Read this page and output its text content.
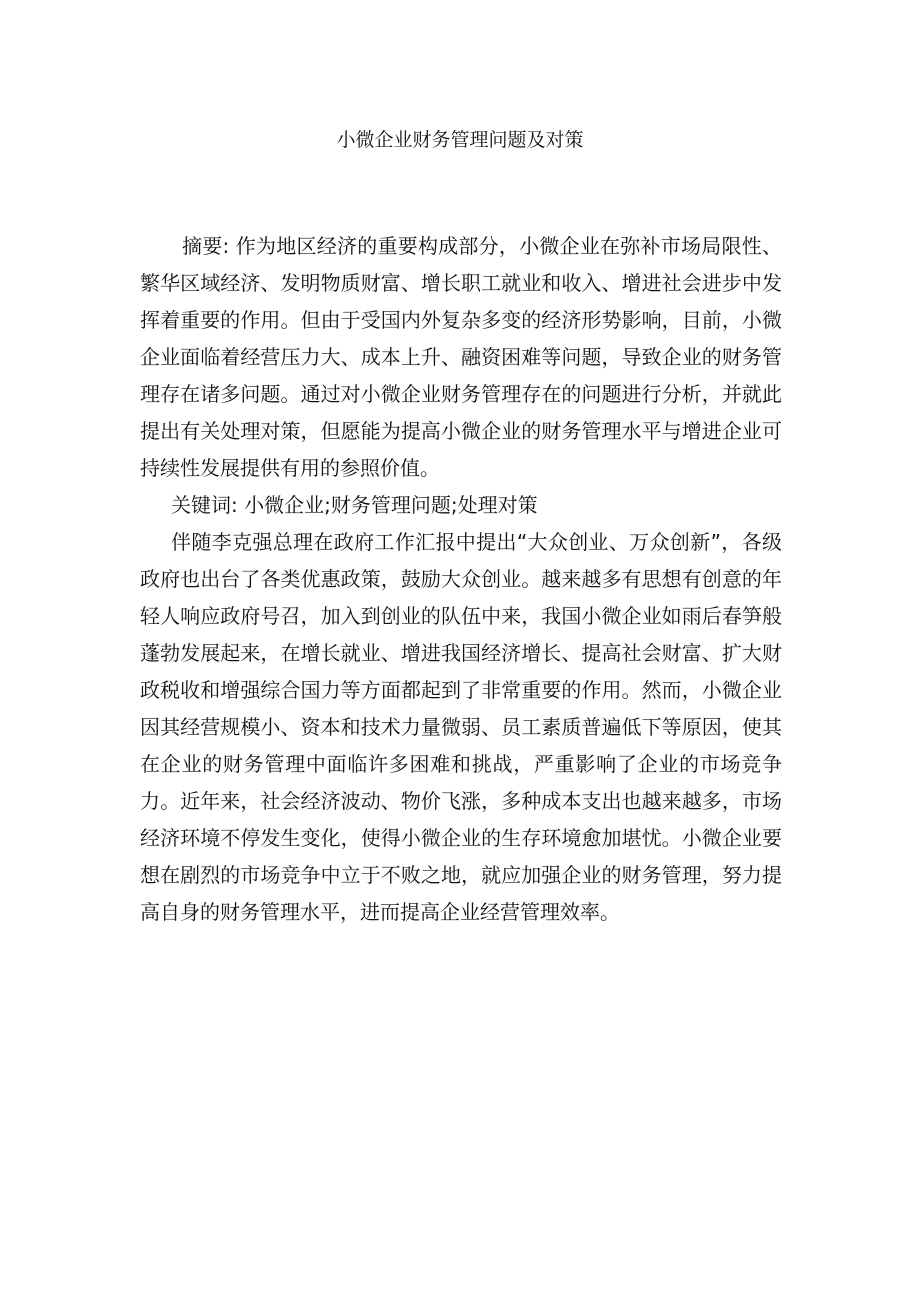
小微企业财务管理问题及对策

摘要: 作为地区经济的重要构成部分，小微企业在弥补市场局限性、繁华区域经济、发明物质财富、增长职工就业和收入、增进社会进步中发挥着重要的作用。但由于受国内外复杂多变的经济形势影响，目前，小微企业面临着经营压力大、成本上升、融资困难等问题，导致企业的财务管理存在诸多问题。通过对小微企业财务管理存在的问题进行分析，并就此提出有关处理对策，但愿能为提高小微企业的财务管理水平与增进企业可持续性发展提供有用的参照价值。

关键词: 小微企业;财务管理问题;处理对策

伴随李克强总理在政府工作汇报中提出“大众创业、万众创新”，各级政府也出台了各类优惠政策，鼓励大众创业。越来越多有思想有创意的年轻人响应政府号召，加入到创业的队伍中来，我国小微企业如雨后春笋般蓬勃发展起来，在增长就业、增进我国经济增长、提高社会财富、扩大财政税收和增强综合国力等方面都起到了非常重要的作用。然而，小微企业因其经营规模小、资本和技术力量微弱、员工素质普遍低下等原因，使其在企业的财务管理中面临许多困难和挑战，严重影响了企业的市场竞争力。近年来，社会经济波动、物价飞涨，多种成本支出也越来越多，市场经济环境不停发生变化，使得小微企业的生存环境愈加堪忧。小微企业要想在剧烈的市场竞争中立于不败之地，就应加强企业的财务管理，努力提高自身的财务管理水平，进而提高企业经营管理效率。
